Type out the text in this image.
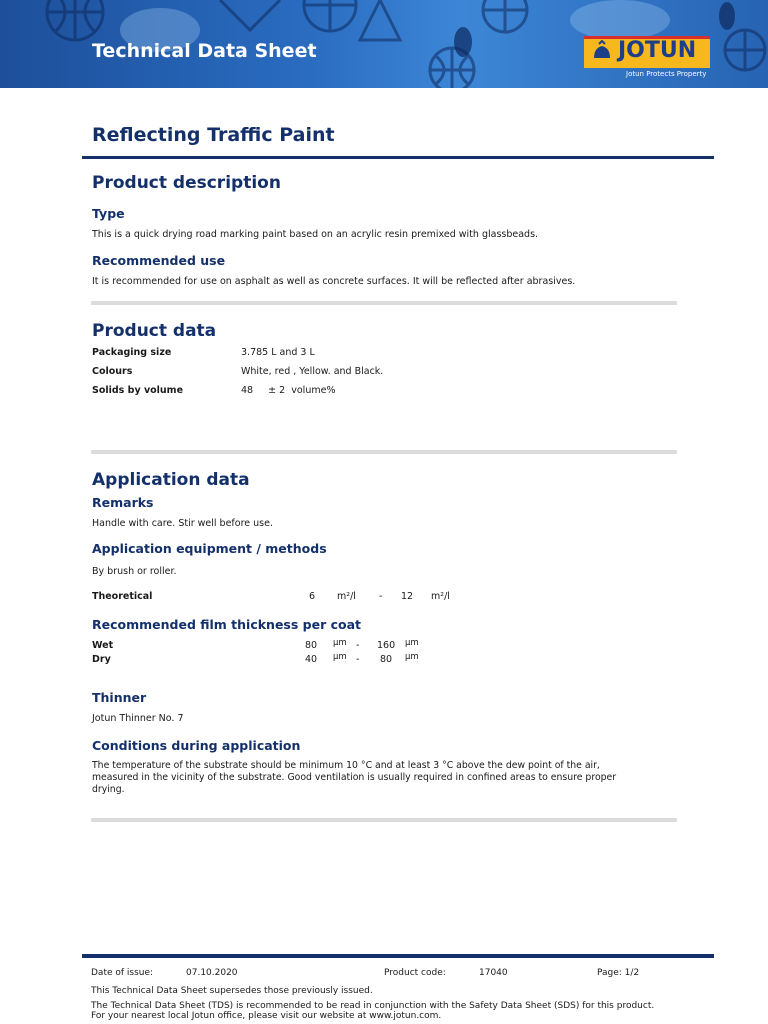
Technical Data Sheet	JOTUN
Jotun Protects Property
Reflecting Traffic Paint
Product description
Type
This is a quick drying road marking paint based on an acrylic resin premixed with glassbeads.
Recommended use
It is recommended for use on asphalt as well as concrete surfaces. It will be reflected after abrasives.
Product data
Packaging size	3.785 L and 3 L
Colours	White, red , Yellow. and Black.
Solids by volume	48     ± 2  volume%
Application data
Remarks
Handle with care. Stir well before use.
Application equipment / methods
By brush or roller.
Theoretical	6 m²/l - 12 m²/l
Recommended film thickness per coat
Wet	80 µm - 160 µm
Dry	40 µm - 80 µm
Thinner
Jotun Thinner No. 7
Conditions during application
The temperature of the substrate should be minimum 10 °C and at least 3 °C above the dew point of the air,
measured in the vicinity of the substrate. Good ventilation is usually required in confined areas to ensure proper
drying.
Date of issue:	07.10.2020	Product code:	17040	Page: 1/2
This Technical Data Sheet supersedes those previously issued.
The Technical Data Sheet (TDS) is recommended to be read in conjunction with the Safety Data Sheet (SDS) for this product.
For your nearest local Jotun office, please visit our website at www.jotun.com.
